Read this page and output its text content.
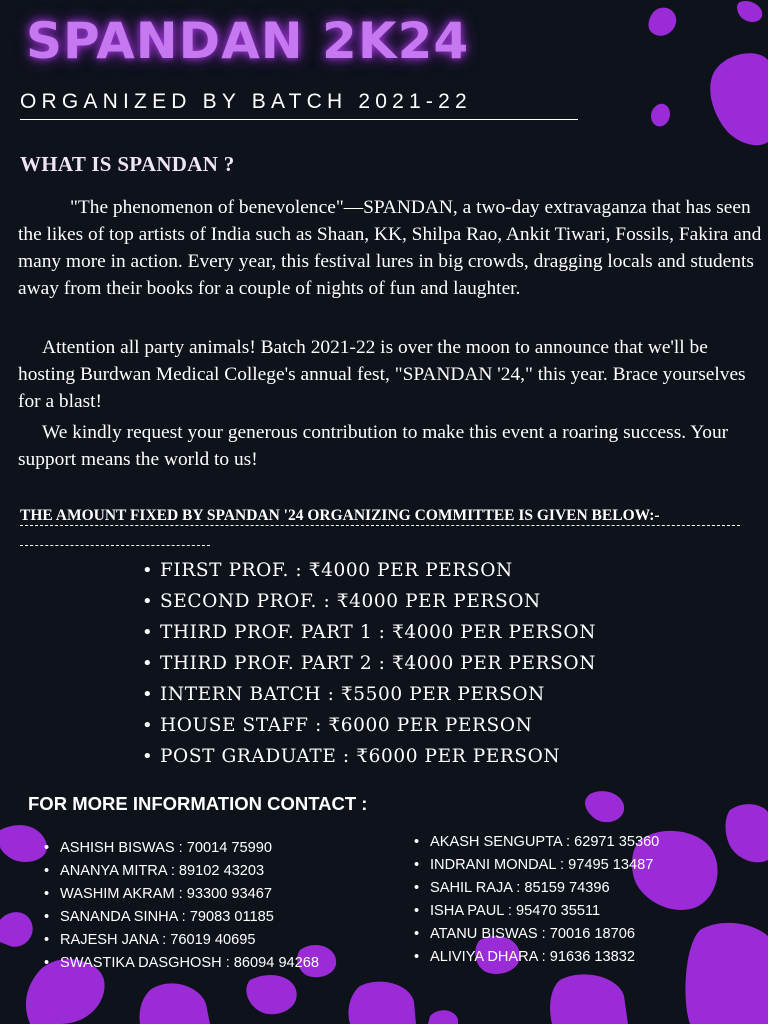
SPANDAN 2K24
ORGANIZED BY BATCH 2021-22
WHAT IS SPANDAN ?

"The phenomenon of benevolence"—SPANDAN, a two-day extravaganza that has seen the likes of top artists of India such as Shaan, KK, Shilpa Rao, Ankit Tiwari, Fossils, Fakira and many more in action. Every year, this festival lures in big crowds, dragging locals and students away from their books for a couple of nights of fun and laughter.

Attention all party animals! Batch 2021-22 is over the moon to announce that we'll be hosting Burdwan Medical College's annual fest, "SPANDAN '24," this year. Brace yourselves for a blast!

We kindly request your generous contribution to make this event a roaring success. Your support means the world to us!

THE AMOUNT FIXED BY SPANDAN '24 ORGANIZING COMMITTEE IS GIVEN BELOW:-
• FIRST PROF. : ₹4000 PER PERSON
• SECOND PROF. : ₹4000 PER PERSON
• THIRD PROF. PART 1 : ₹4000 PER PERSON
• THIRD PROF. PART 2 : ₹4000 PER PERSON
• INTERN BATCH : ₹5500 PER PERSON
• HOUSE STAFF : ₹6000 PER PERSON
• POST GRADUATE : ₹6000 PER PERSON
FOR MORE INFORMATION CONTACT :
• ASHISH BISWAS : 70014 75990
• ANANYA MITRA : 89102 43203
• WASHIM AKRAM : 93300 93467
• SANANDA SINHA : 79083 01185
• RAJESH JANA : 76019 40695
• SWASTIKA DASGHOSH : 86094 94268
• AKASH SENGUPTA : 62971 35360
• INDRANI MONDAL : 97495 13487
• SAHIL RAJA : 85159 74396
• ISHA PAUL : 95470 35511
• ATANU BISWAS : 70016 18706
• ALIVIYA DHARA : 91636 13832
